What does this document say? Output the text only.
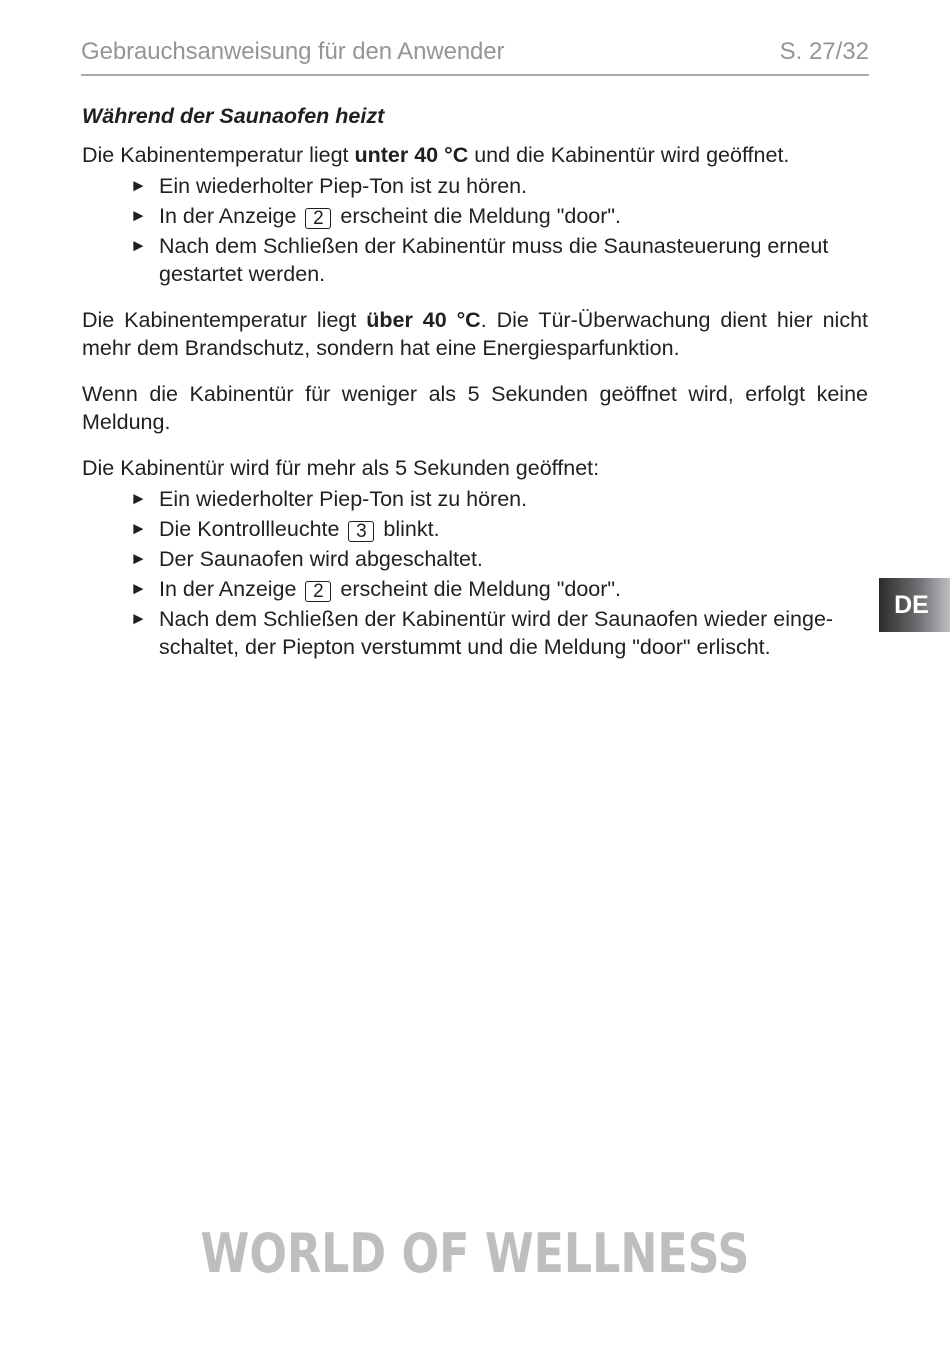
Gebrauchsanweisung für den Anwender	S. 27/32

Während der Saunaofen heizt

Die Kabinentemperatur liegt unter 40 °C und die Kabinentür wird geöffnet.

► Ein wiederholter Piep-Ton ist zu hören.
► In der Anzeige 2 erscheint die Meldung "door".
► Nach dem Schließen der Kabinentür muss die Saunasteuerung erneut gestartet werden.

Die Kabinentemperatur liegt über 40 °C. Die Tür-Überwachung dient hier nicht mehr dem Brandschutz, sondern hat eine Energiesparfunktion.

Wenn die Kabinentür für weniger als 5 Sekunden geöffnet wird, erfolgt keine Meldung.

Die Kabinentür wird für mehr als 5 Sekunden geöffnet:

► Ein wiederholter Piep-Ton ist zu hören.
► Die Kontrollleuchte 3 blinkt.
► Der Saunaofen wird abgeschaltet.
► In der Anzeige 2 erscheint die Meldung "door".
► Nach dem Schließen der Kabinentür wird der Saunaofen wieder einge-schaltet, der Piepton verstummt und die Meldung "door" erlischt.
DE
WORLD OF WELLNESS
